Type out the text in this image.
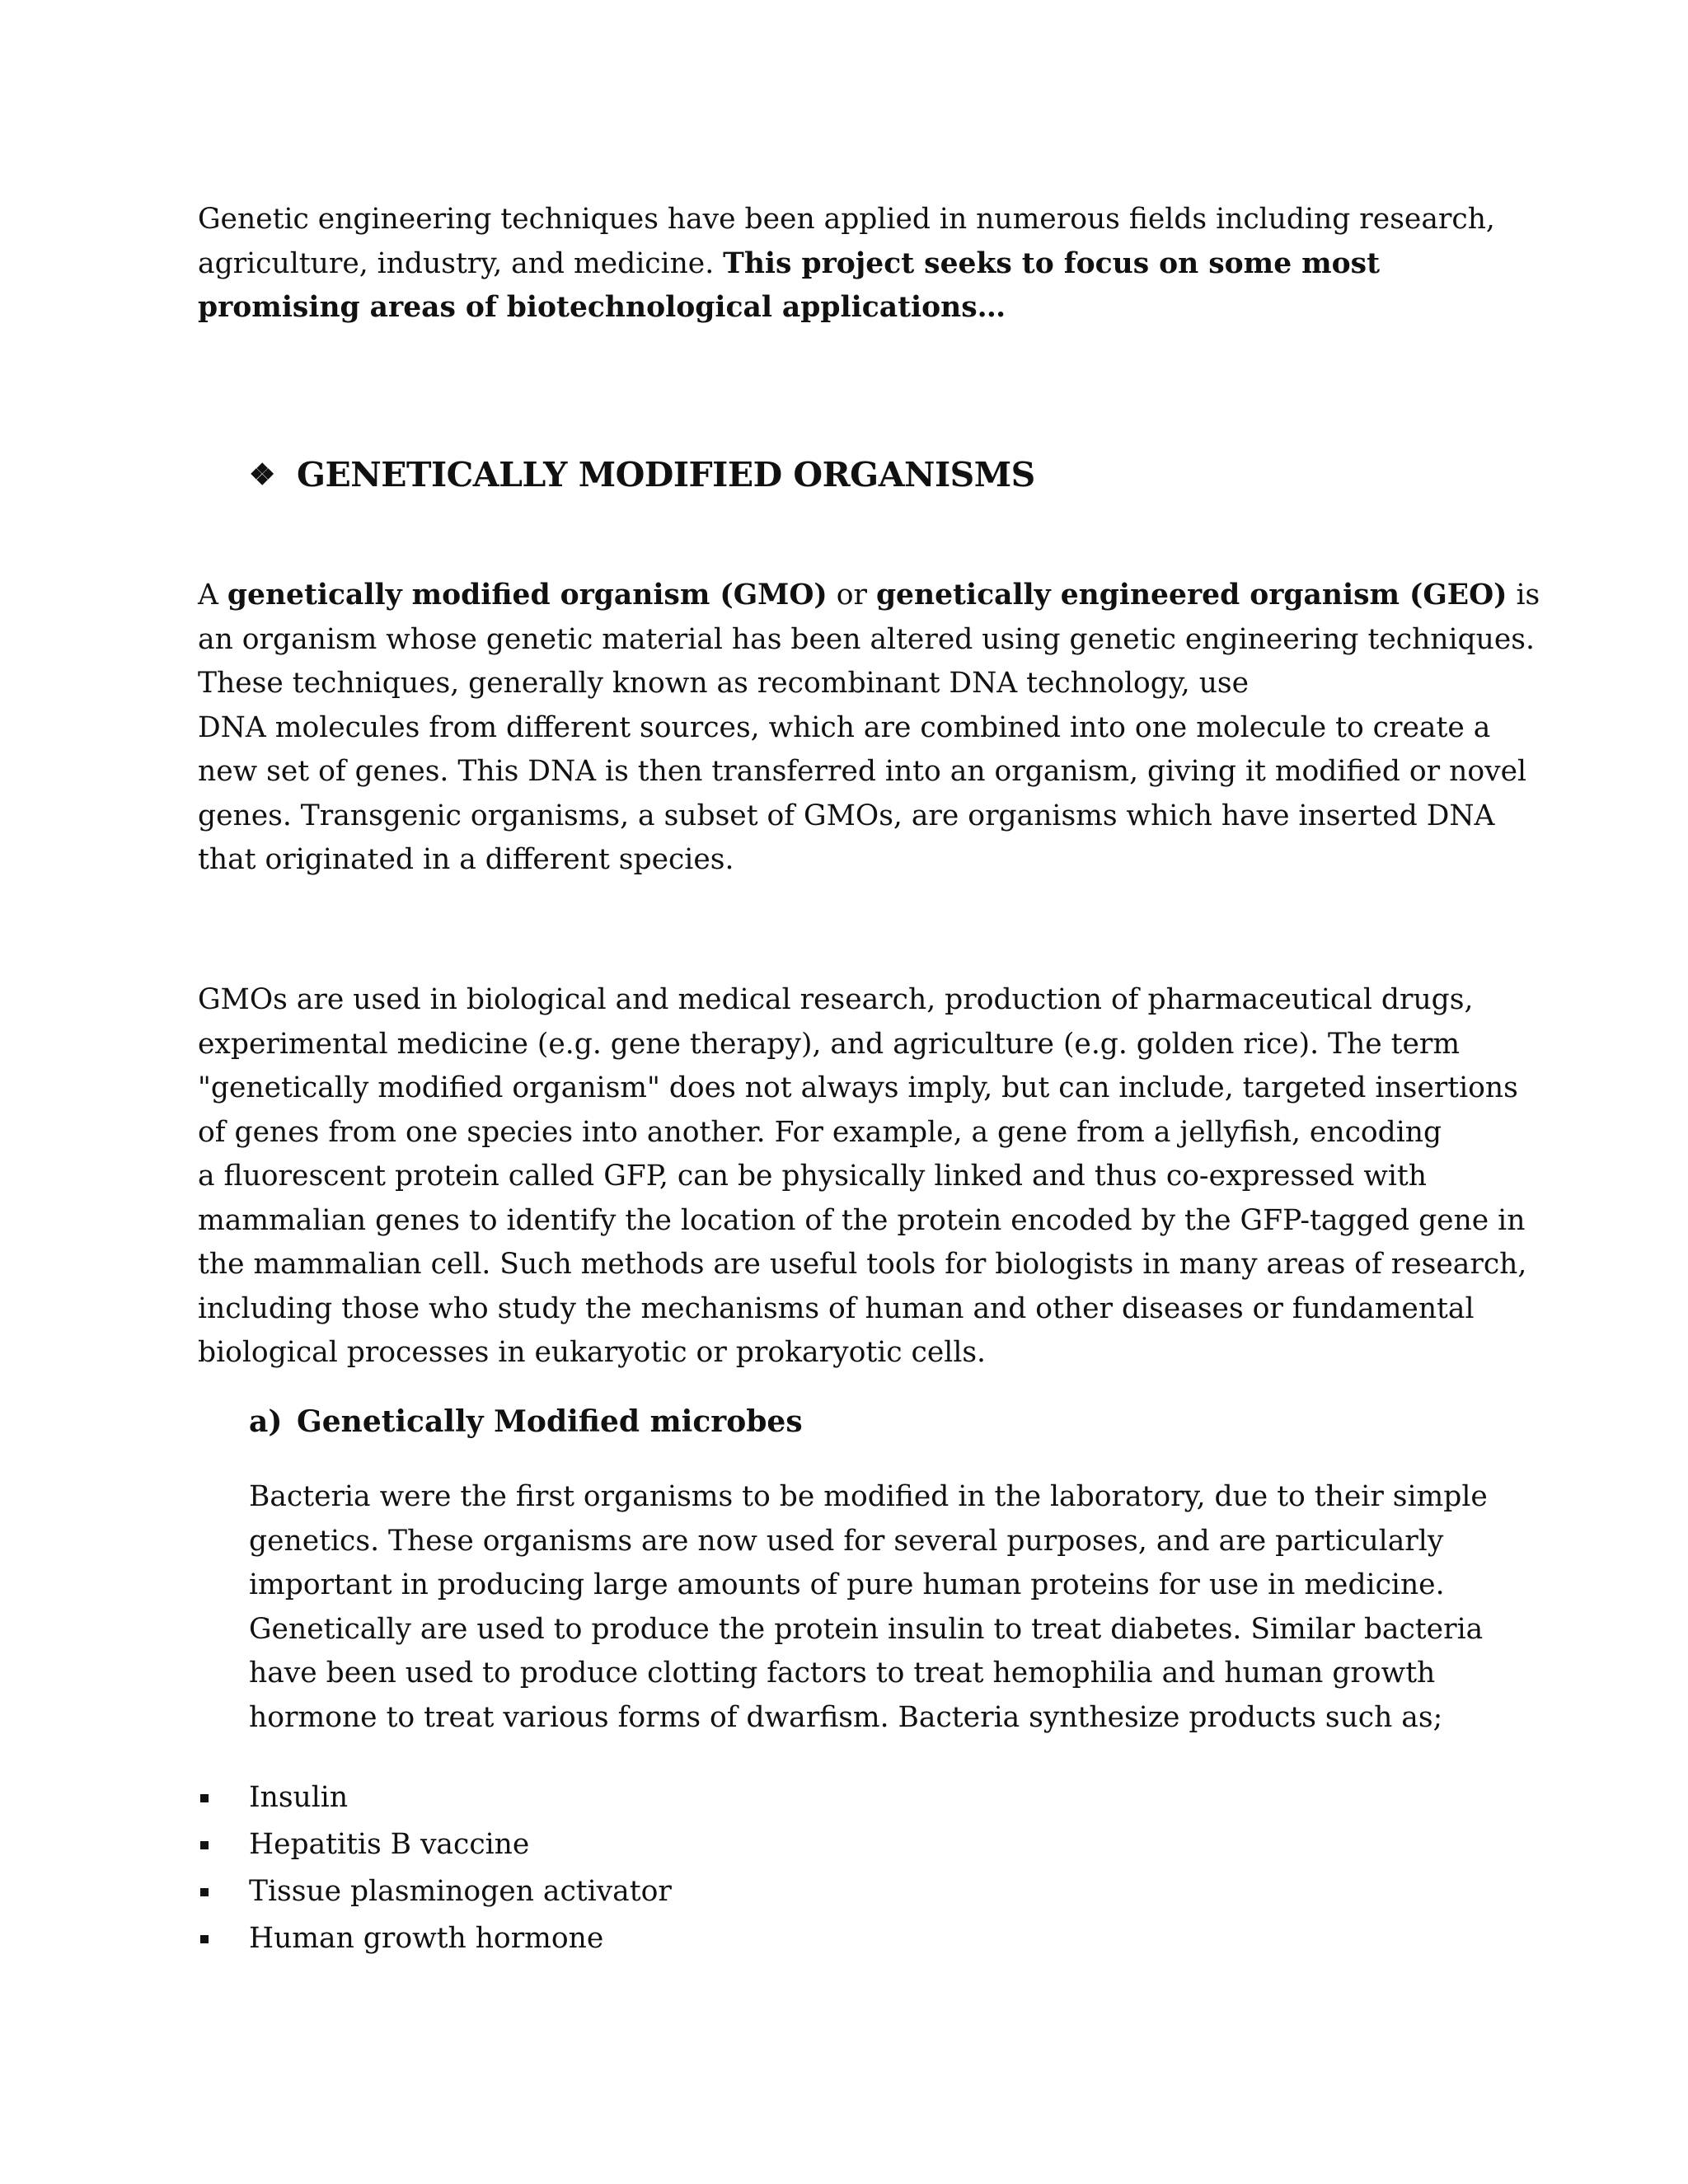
Genetic engineering techniques have been applied in numerous fields including research,
agriculture, industry, and medicine. This project seeks to focus on some most
promising areas of biotechnological applications…

❖ GENETICALLY MODIFIED ORGANISMS

A genetically modified organism (GMO) or genetically engineered organism (GEO) is
an organism whose genetic material has been altered using genetic engineering techniques.
These techniques, generally known as recombinant DNA technology, use
DNA molecules from different sources, which are combined into one molecule to create a
new set of genes. This DNA is then transferred into an organism, giving it modified or novel
genes. Transgenic organisms, a subset of GMOs, are organisms which have inserted DNA
that originated in a different species.

GMOs are used in biological and medical research, production of pharmaceutical drugs,
experimental medicine (e.g. gene therapy), and agriculture (e.g. golden rice). The term
"genetically modified organism" does not always imply, but can include, targeted insertions
of genes from one species into another. For example, a gene from a jellyfish, encoding
a fluorescent protein called GFP, can be physically linked and thus co-expressed with
mammalian genes to identify the location of the protein encoded by the GFP-tagged gene in
the mammalian cell. Such methods are useful tools for biologists in many areas of research,
including those who study the mechanisms of human and other diseases or fundamental
biological processes in eukaryotic or prokaryotic cells.

a) Genetically Modified microbes

Bacteria were the first organisms to be modified in the laboratory, due to their simple
genetics. These organisms are now used for several purposes, and are particularly
important in producing large amounts of pure human proteins for use in medicine.
Genetically are used to produce the protein insulin to treat diabetes. Similar bacteria
have been used to produce clotting factors to treat hemophilia and human growth
hormone to treat various forms of dwarfism. Bacteria synthesize products such as;

Insulin
Hepatitis B vaccine
Tissue plasminogen activator
Human growth hormone
